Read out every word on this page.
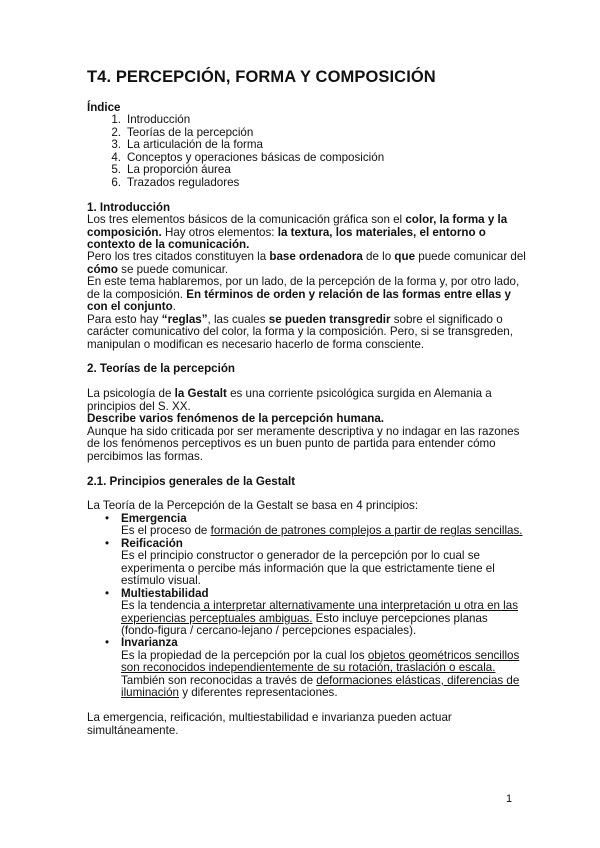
T4. PERCEPCIÓN, FORMA Y COMPOSICIÓN
Índice
1. Introducción
2. Teorías de la percepción
3. La articulación de la forma
4. Conceptos y operaciones básicas de composición
5. La proporción áurea
6. Trazados reguladores
1. Introducción

Los tres elementos básicos de la comunicación gráfica son el color, la forma y la composición. Hay otros elementos: la textura, los materiales, el entorno o contexto de la comunicación.

Pero los tres citados constituyen la base ordenadora de lo que puede comunicar del cómo se puede comunicar.

En este tema hablaremos, por un lado, de la percepción de la forma y, por otro lado, de la composición. En términos de orden y relación de las formas entre ellas y con el conjunto.

Para esto hay “reglas”, las cuales se pueden transgredir sobre el significado o carácter comunicativo del color, la forma y la composición. Pero, si se transgreden, manipulan o modifican es necesario hacerlo de forma consciente.

2. Teorías de la percepción

La psicología de la Gestalt es una corriente psicológica surgida en Alemania a principios del S. XX.

Describe varios fenómenos de la percepción humana.

Aunque ha sido criticada por ser meramente descriptiva y no indagar en las razones de los fenómenos perceptivos es un buen punto de partida para entender cómo percibimos las formas.

2.1. Principios generales de la Gestalt

La Teoría de la Percepción de la Gestalt se basa en 4 principios:

•	Emergencia
Es el proceso de formación de patrones complejos a partir de reglas sencillas.
•	Reificación
Es el principio constructor o generador de la percepción por lo cual se experimenta o percibe más información que la que estrictamente tiene el estímulo visual.
•	Multiestabilidad
Es la tendencia a interpretar alternativamente una interpretación u otra en las experiencias perceptuales ambiguas. Esto incluye percepciones planas (fondo-figura / cercano-lejano / percepciones espaciales).
•	Invarianza
Es la propiedad de la percepción por la cual los objetos geométricos sencillos son reconocidos independientemente de su rotación, traslación o escala. También son reconocidas a través de deformaciones elásticas, diferencias de iluminación y diferentes representaciones.

La emergencia, reificación, multiestabilidad e invarianza pueden actuar simultáneamente.

1
